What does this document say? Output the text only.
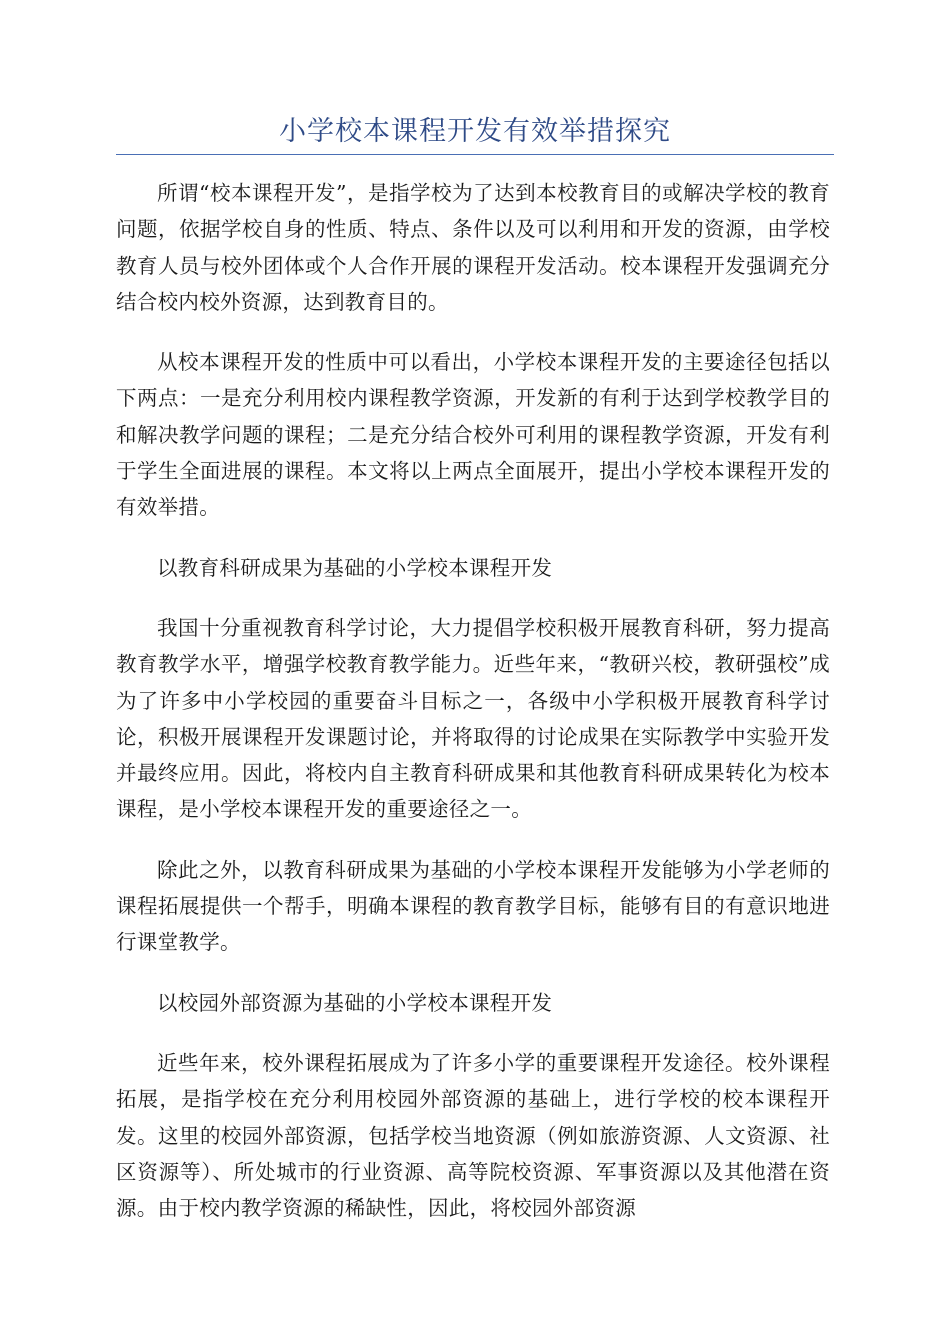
小学校本课程开发有效举措探究

所谓“校本课程开发”，是指学校为了达到本校教育目的或解决学校的教育问题，依据学校自身的性质、特点、条件以及可以利用和开发的资源，由学校教育人员与校外团体或个人合作开展的课程开发活动。校本课程开发强调充分结合校内校外资源，达到教育目的。

从校本课程开发的性质中可以看出，小学校本课程开发的主要途径包括以下两点：一是充分利用校内课程教学资源，开发新的有利于达到学校教学目的和解决教学问题的课程；二是充分结合校外可利用的课程教学资源，开发有利于学生全面进展的课程。本文将以上两点全面展开，提出小学校本课程开发的有效举措。

以教育科研成果为基础的小学校本课程开发

我国十分重视教育科学讨论，大力提倡学校积极开展教育科研，努力提高教育教学水平，增强学校教育教学能力。近些年来，“教研兴校，教研强校”成为了许多中小学校园的重要奋斗目标之一，各级中小学积极开展教育科学讨论，积极开展课程开发课题讨论，并将取得的讨论成果在实际教学中实验开发并最终应用。因此，将校内自主教育科研成果和其他教育科研成果转化为校本课程，是小学校本课程开发的重要途径之一。

除此之外，以教育科研成果为基础的小学校本课程开发能够为小学老师的课程拓展提供一个帮手，明确本课程的教育教学目标，能够有目的有意识地进行课堂教学。

以校园外部资源为基础的小学校本课程开发

近些年来，校外课程拓展成为了许多小学的重要课程开发途径。校外课程拓展，是指学校在充分利用校园外部资源的基础上，进行学校的校本课程开发。这里的校园外部资源，包括学校当地资源（例如旅游资源、人文资源、社区资源等）、所处城市的行业资源、高等院校资源、军事资源以及其他潜在资源。由于校内教学资源的稀缺性，因此，将校园外部资源
